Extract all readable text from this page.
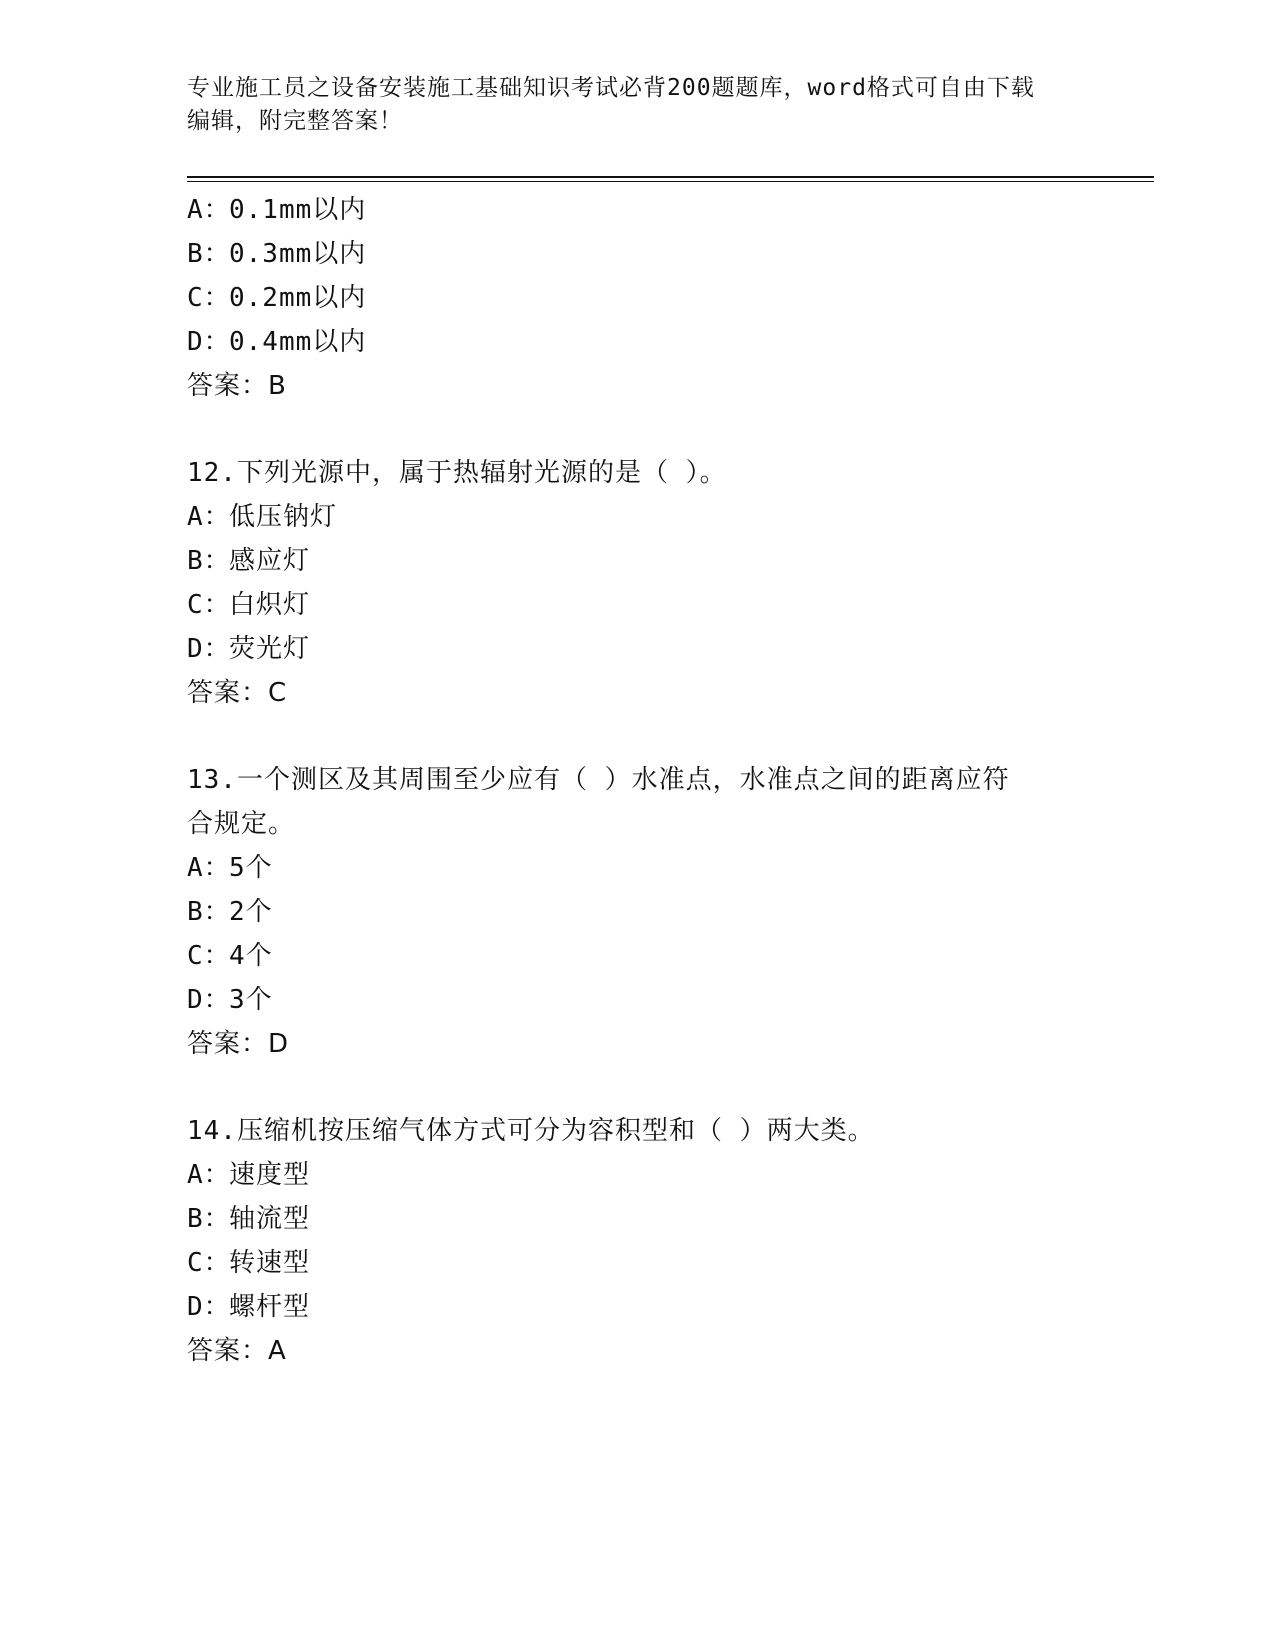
专业施工员之设备安装施工基础知识考试必背200题题库，word格式可自由下载
编辑，附完整答案！
A：0.1mm以内
B：0.3mm以内
C：0.2mm以内
D：0.4mm以内
答案：B
12.下列光源中，属于热辐射光源的是（ ）。
A：低压钠灯
B：感应灯
C：白炽灯
D：荧光灯
答案：C
13.一个测区及其周围至少应有（ ）水准点，水准点之间的距离应符
合规定。
A：5个
B：2个
C：4个
D：3个
答案：D
14.压缩机按压缩气体方式可分为容积型和（ ）两大类。
A：速度型
B：轴流型
C：转速型
D：螺杆型
答案：A
